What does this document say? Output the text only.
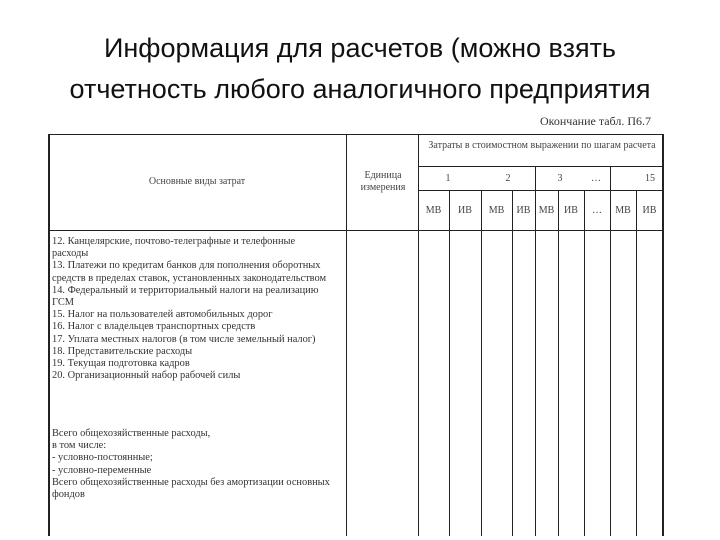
Информация для расчетов (можно взять
отчетность любого аналогичного предприятия
Окончание табл. П6.7
Основные виды затрат
Единица измерения
Затраты в стоимостном выражении по шагам расчета
1	2	3	…	15
МВ	ИВ	МВ	ИВ МВ ИВ	…	МВ	ИВ
12. Канцелярские, почтово-телеграфные и телефонные
расходы
13. Платежи по кредитам банков для пополнения оборотных
средств в пределах ставок, установленных законодательством
14. Федеральный и территориальный налоги на реализацию
ГСМ
15. Налог на пользователей автомобильных дорог
16. Налог с владельцев транспортных средств
17. Уплата местных налогов (в том числе земельный налог)
18. Представительские расходы
19. Текущая подготовка кадров
20. Организационный набор рабочей силы
Всего общехозяйственные расходы,
в том числе:
- условно-постоянные;
- условно-переменные
Всего общехозяйственные расходы без амортизации основных
фондов
